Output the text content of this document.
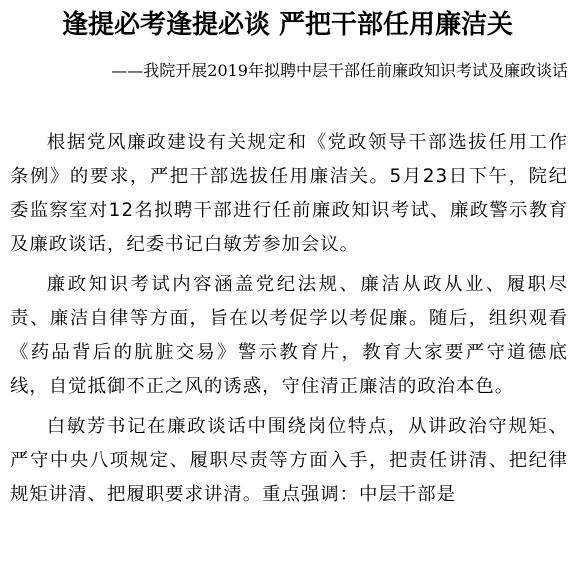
逢提必考逢提必谈 严把干部任用廉洁关
——我院开展2019年拟聘中层干部任前廉政知识考试及廉政谈话

根据党风廉政建设有关规定和《党政领导干部选拔任用工作条例》的要求，严把干部选拔任用廉洁关。5月23日下午，院纪委监察室对12名拟聘干部进行任前廉政知识考试、廉政警示教育及廉政谈话，纪委书记白敏芳参加会议。

廉政知识考试内容涵盖党纪法规、廉洁从政从业、履职尽责、廉洁自律等方面，旨在以考促学以考促廉。随后，组织观看《药品背后的肮脏交易》警示教育片，教育大家要严守道德底线，自觉抵御不正之风的诱惑，守住清正廉洁的政治本色。

白敏芳书记在廉政谈话中围绕岗位特点，从讲政治守规矩、严守中央八项规定、履职尽责等方面入手，把责任讲清、把纪律规矩讲清、把履职要求讲清。重点强调：中层干部是
